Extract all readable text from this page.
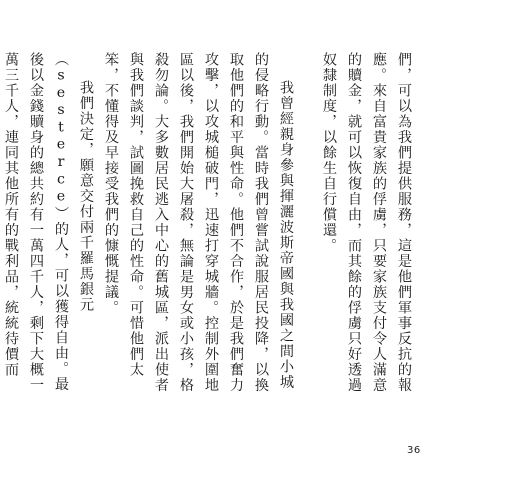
們，可以為我們提供服務，這是他們軍事反抗的報應。來自富貴家族的俘虜，只要家族支付令人滿意的贖金，就可以恢復自由，而其餘的俘虜只好透過奴隸制度，以餘生自行償還。

我曾經親身參與揮灑波斯帝國與我國之間小城的侵略行動。當時我們曾嘗試說服居民投降，以換取他們的和平與性命。他們不合作，於是我們奮力攻擊，以攻城槌破門，迅速打穿城牆。控制外圍地區以後，我們開始大屠殺，無論是男女或小孩，格殺勿論。大多數居民逃入中心的舊城區，派出使者與我們談判，試圖挽救自己的性命。可惜他們太笨，不懂得及早接受我們的慷慨提議。

我們決定，願意交付兩千羅馬銀元（sesterce）的人，可以獲得自由。最後以金錢贖身的總共約有一萬四千人，剩下大概一萬三千人，連同其他所有的戰利品，統統待價而

36
